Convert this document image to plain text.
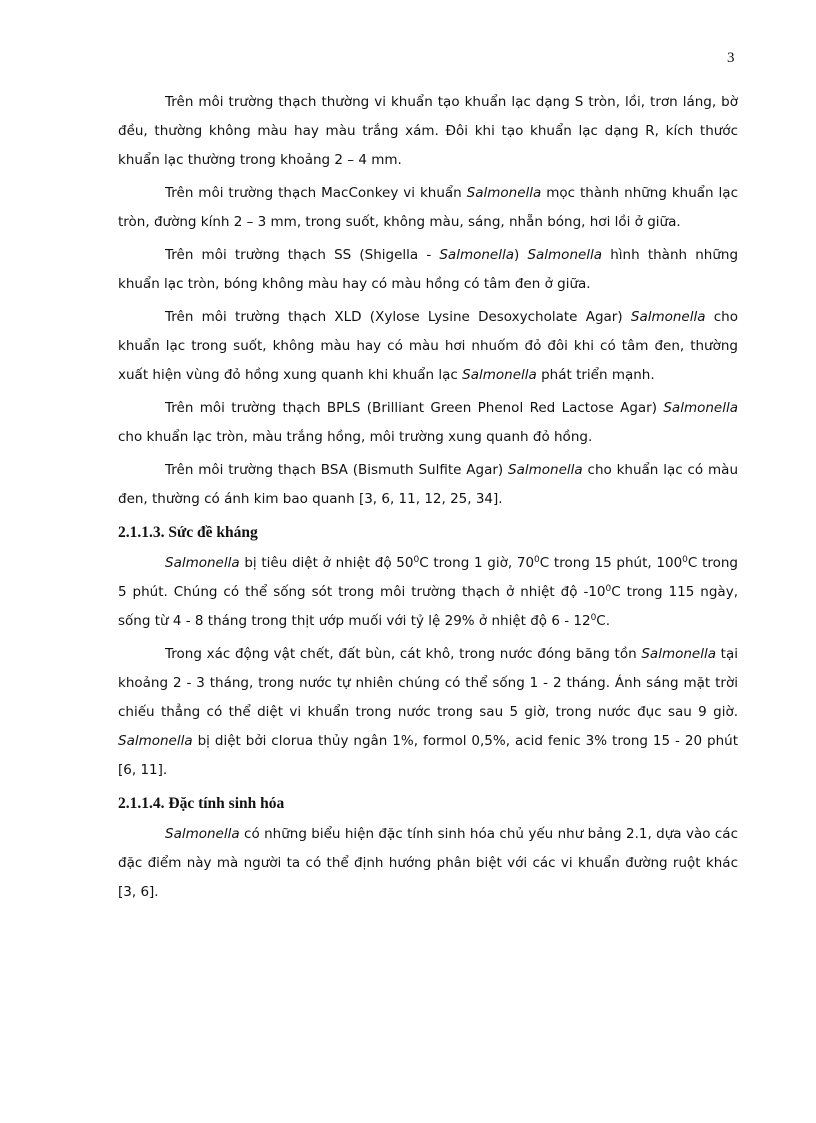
3

Trên môi trường thạch thường vi khuẩn tạo khuẩn lạc dạng S tròn, lồi, trơn láng, bờ đều, thường không màu hay màu trắng xám. Đôi khi tạo khuẩn lạc dạng R, kích thước khuẩn lạc thường trong khoảng 2 – 4 mm.

Trên môi trường thạch MacConkey vi khuẩn Salmonella mọc thành những khuẩn lạc tròn, đường kính 2 – 3 mm, trong suốt, không màu, sáng, nhẵn bóng, hơi lồi ở giữa.

Trên môi trường thạch SS (Shigella - Salmonella) Salmonella hình thành những khuẩn lạc tròn, bóng không màu hay có màu hồng có tâm đen ở giữa.

Trên môi trường thạch XLD (Xylose Lysine Desoxycholate Agar) Salmonella cho khuẩn lạc trong suốt, không màu hay có màu hơi nhuốm đỏ đôi khi có tâm đen, thường xuất hiện vùng đỏ hồng xung quanh khi khuẩn lạc Salmonella phát triển mạnh.

Trên môi trường thạch BPLS (Brilliant Green Phenol Red Lactose Agar) Salmonella cho khuẩn lạc tròn, màu trắng hồng, môi trường xung quanh đỏ hồng.

Trên môi trường thạch BSA (Bismuth Sulfite Agar) Salmonella cho khuẩn lạc có màu đen, thường có ánh kim bao quanh [3, 6, 11, 12, 25, 34].

2.1.1.3. Sức đề kháng

Salmonella bị tiêu diệt ở nhiệt độ $50^0C$ trong 1 giờ, $70^0C$ trong 15 phút, $100^0C$ trong 5 phút. Chúng có thể sống sót trong môi trường thạch ở nhiệt độ $-10^0C$ trong 115 ngày, sống từ 4 - 8 tháng trong thịt ướp muối với tỷ lệ 29% ở nhiệt độ $6 - 12^0C$.

Trong xác động vật chết, đất bùn, cát khô, trong nước đóng băng tồn Salmonella tại khoảng 2 - 3 tháng, trong nước tự nhiên chúng có thể sống 1 - 2 tháng. Ánh sáng mặt trời chiếu thẳng có thể diệt vi khuẩn trong nước trong sau 5 giờ, trong nước đục sau 9 giờ. Salmonella bị diệt bởi clorua thủy ngân 1%, formol 0,5%, acid fenic 3% trong 15 - 20 phút [6, 11].

2.1.1.4. Đặc tính sinh hóa

Salmonella có những biểu hiện đặc tính sinh hóa chủ yếu như bảng 2.1, dựa vào các đặc điểm này mà người ta có thể định hướng phân biệt với các vi khuẩn đường ruột khác [3, 6].
